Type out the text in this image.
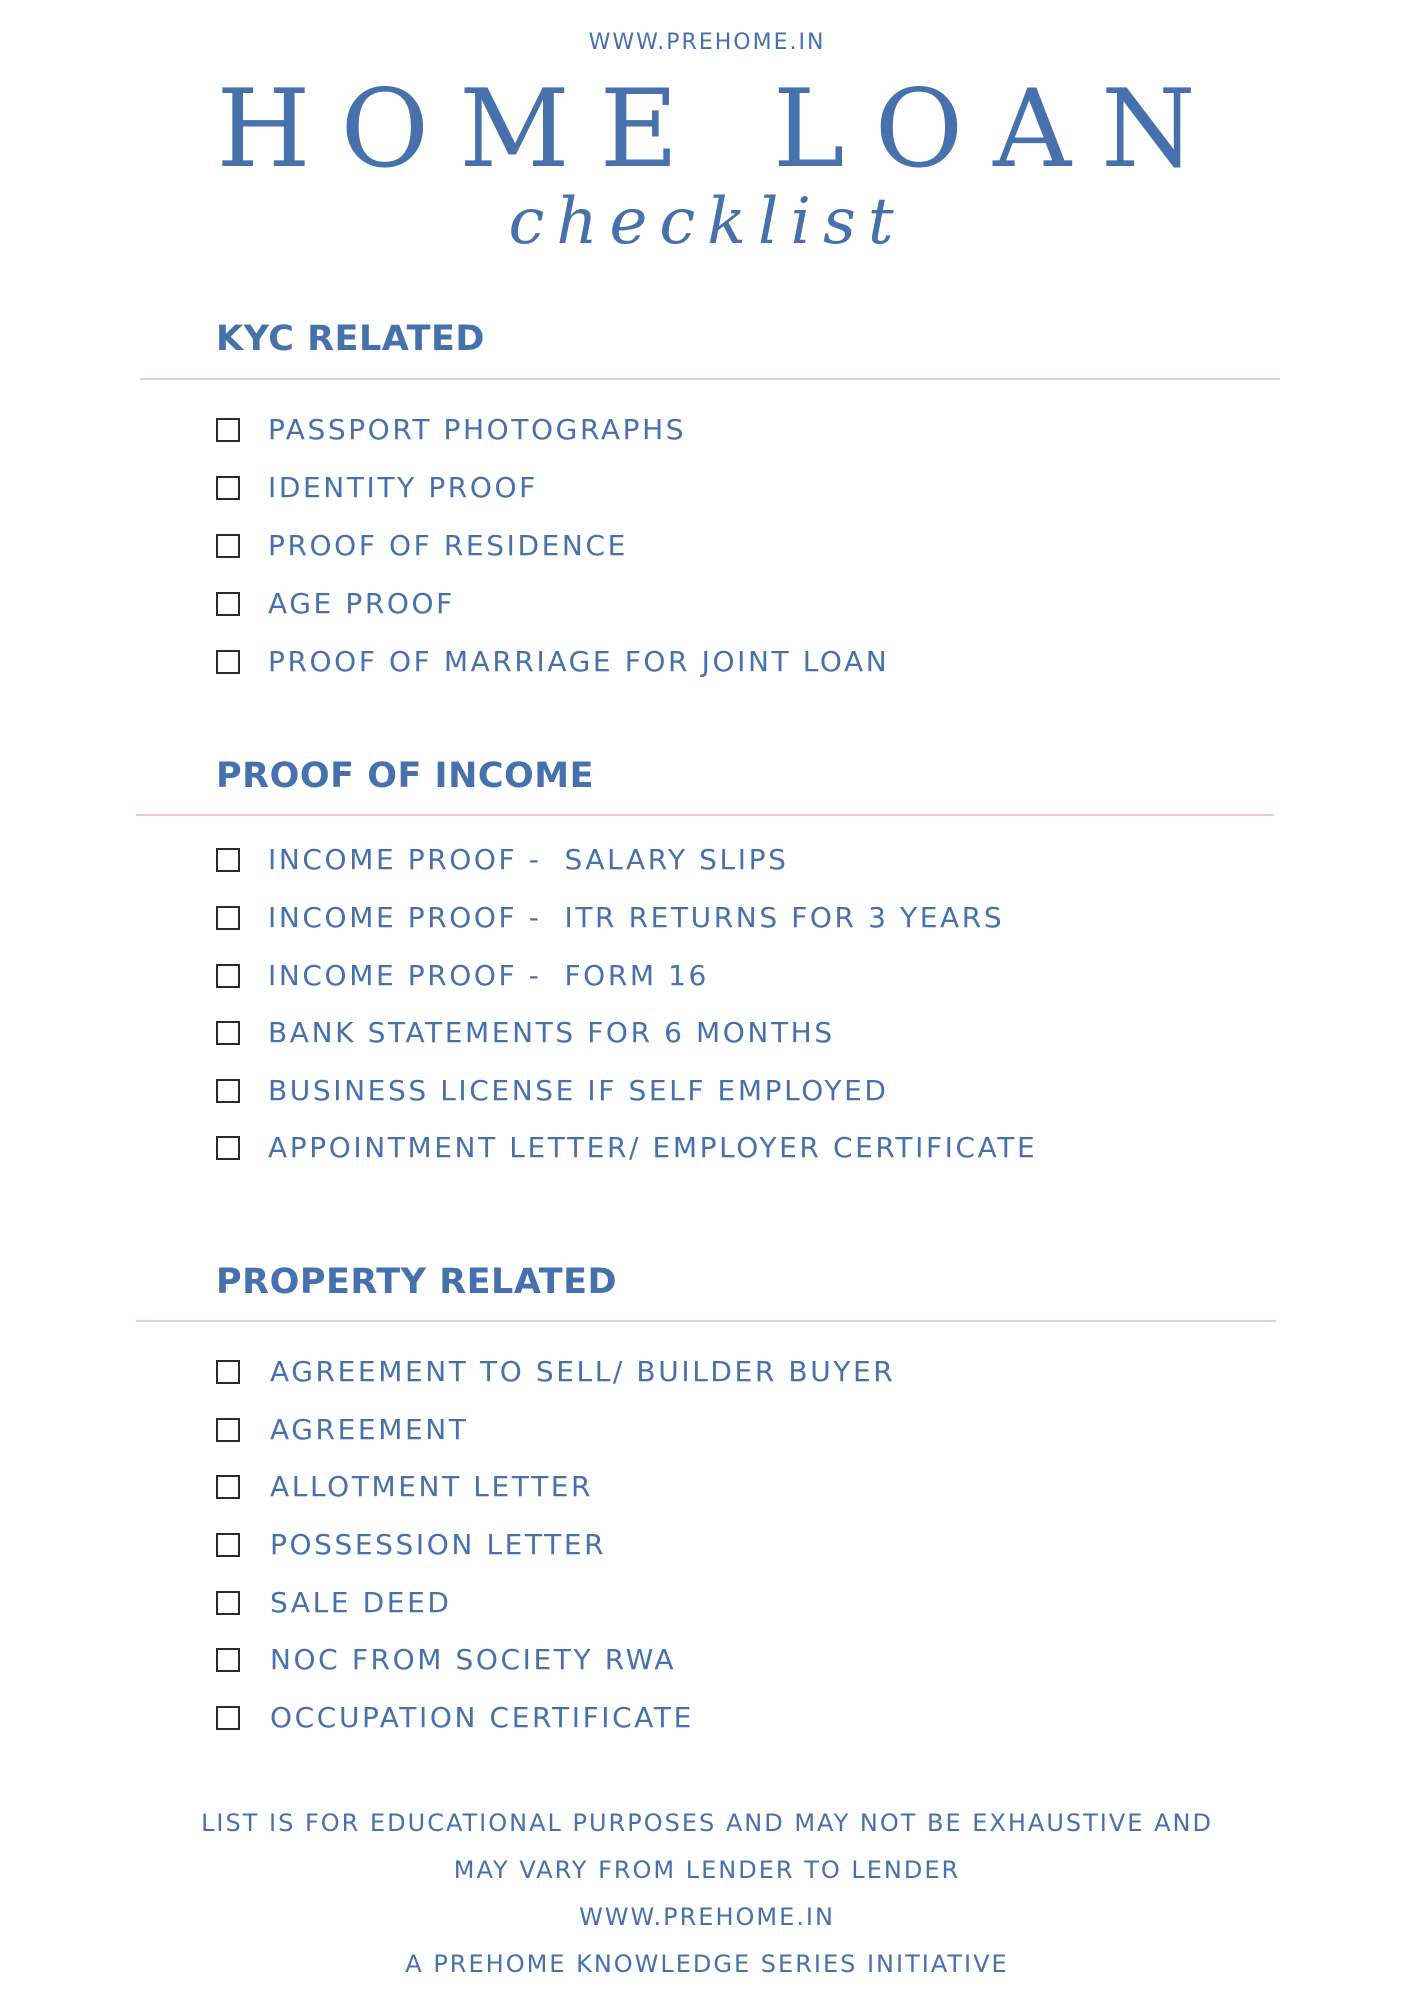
WWW.PREHOME.IN
HOME LOAN
checklist
KYC RELATED
PASSPORT PHOTOGRAPHS
IDENTITY PROOF
PROOF OF RESIDENCE
AGE PROOF
PROOF OF MARRIAGE FOR JOINT LOAN
PROOF OF INCOME
INCOME PROOF -  SALARY SLIPS
INCOME PROOF -  ITR RETURNS FOR 3 YEARS
INCOME PROOF -  FORM 16
BANK STATEMENTS FOR 6 MONTHS
BUSINESS LICENSE IF SELF EMPLOYED
APPOINTMENT LETTER/ EMPLOYER CERTIFICATE
PROPERTY RELATED
AGREEMENT TO SELL/ BUILDER BUYER
AGREEMENT
ALLOTMENT LETTER
POSSESSION LETTER
SALE DEED
NOC FROM SOCIETY RWA
OCCUPATION CERTIFICATE
LIST IS FOR EDUCATIONAL PURPOSES AND MAY NOT BE EXHAUSTIVE AND
MAY VARY FROM LENDER TO LENDER
WWW.PREHOME.IN
A PREHOME KNOWLEDGE SERIES INITIATIVE
